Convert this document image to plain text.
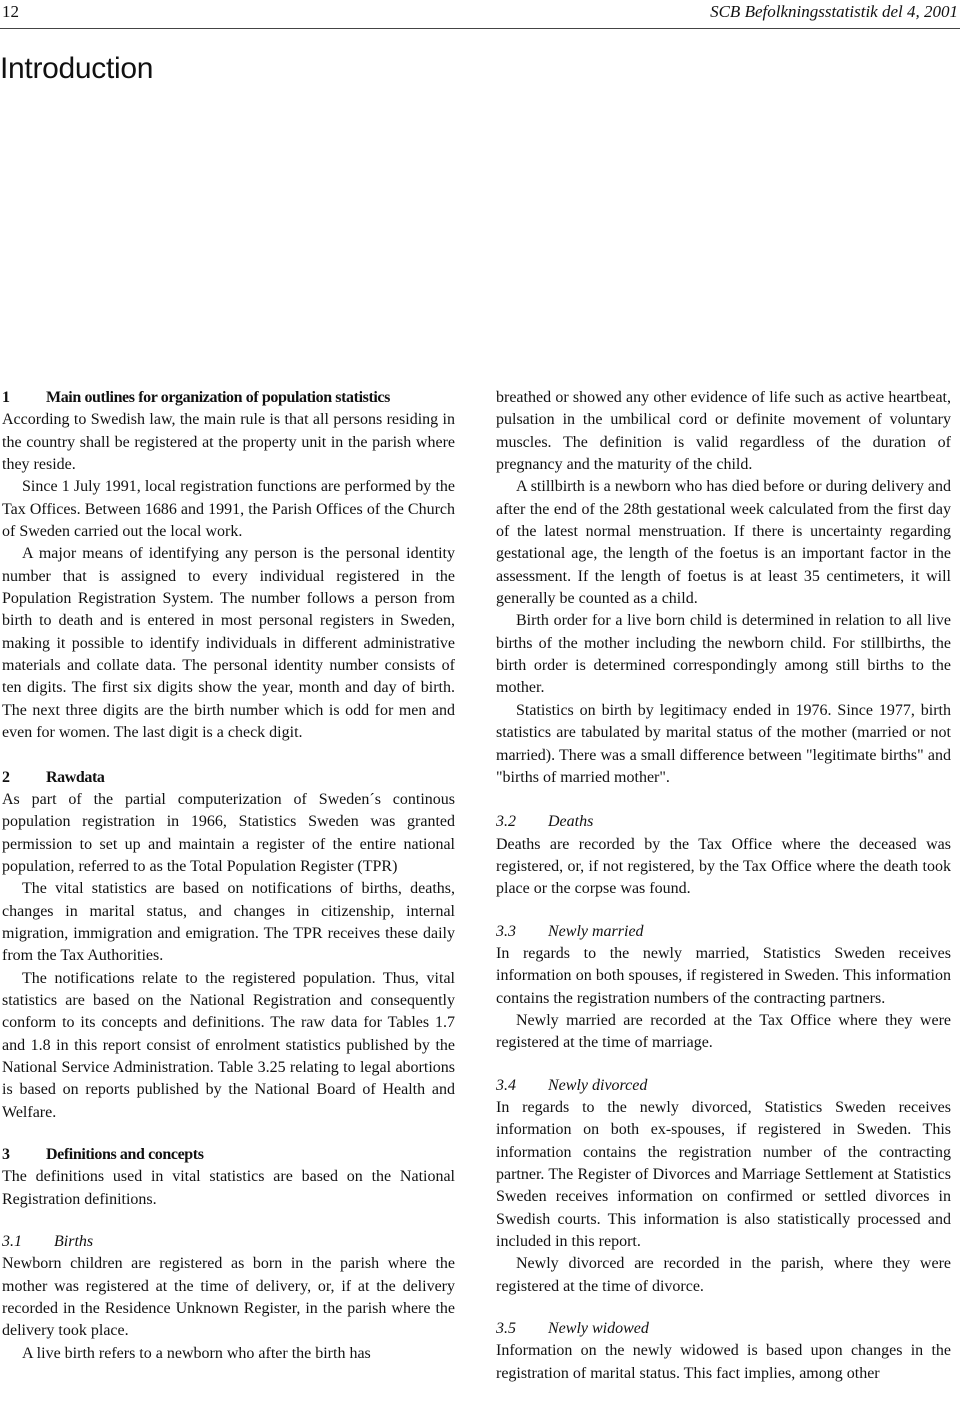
12	SCB Befolkningsstatistik del 4, 2001
Introduction

1 Main outlines for organization of population statistics

According to Swedish law, the main rule is that all persons residing in the country shall be registered at the property unit in the parish where they reside.

Since 1 July 1991, local registration functions are performed by the Tax Offices. Between 1686 and 1991, the Parish Offices of the Church of Sweden carried out the local work.

A major means of identifying any person is the personal identity number that is assigned to every individual registered in the Population Registration System. The number follows a person from birth to death and is entered in most personal registers in Sweden, making it possible to identify individuals in different administrative materials and collate data. The personal identity number consists of ten digits. The first six digits show the year, month and day of birth. The next three digits are the birth number which is odd for men and even for women. The last digit is a check digit.

2 Rawdata

As part of the partial computerization of Sweden´s continous population registration in 1966, Statistics Sweden was granted permission to set up and maintain a register of the entire national population, referred to as the Total Population Register (TPR)

The vital statistics are based on notifications of births, deaths, changes in marital status, and changes in citizenship, internal migration, immigration and emigration. The TPR receives these daily from the Tax Authorities.

The notifications relate to the registered population. Thus, vital statistics are based on the National Registration and consequently conform to its concepts and definitions. The raw data for Tables 1.7 and 1.8 in this report consist of enrolment statistics published by the National Service Administration. Table 3.25 relating to legal abortions is based on reports published by the National Board of Health and Welfare.

3 Definitions and concepts

The definitions used in vital statistics are based on the National Registration definitions.

3.1 Births

Newborn children are registered as born in the parish where the mother was registered at the time of delivery, or, if at the delivery recorded in the Residence Unknown Register, in the parish where the delivery took place.

A live birth refers to a newborn who after the birth has

breathed or showed any other evidence of life such as active heartbeat, pulsation in the umbilical cord or definite movement of voluntary muscles. The definition is valid regardless of the duration of pregnancy and the maturity of the child.

A stillbirth is a newborn who has died before or during delivery and after the end of the 28th gestational week calculated from the first day of the latest normal menstruation. If there is uncertainty regarding gestational age, the length of the foetus is an important factor in the assessment. If the length of foetus is at least 35 centimeters, it will generally be counted as a child.

Birth order for a live born child is determined in relation to all live births of the mother including the newborn child. For stillbirths, the birth order is determined correspondingly among still births to the mother.

Statistics on birth by legitimacy ended in 1976. Since 1977, birth statistics are tabulated by marital status of the mother (married or not married). There was a small difference between "legitimate births" and "births of married mother".

3.2 Deaths

Deaths are recorded by the Tax Office where the deceased was registered, or, if not registered, by the Tax Office where the death took place or the corpse was found.

3.3 Newly married

In regards to the newly married, Statistics Sweden receives information on both spouses, if registered in Sweden. This information contains the registration numbers of the contracting partners.

Newly married are recorded at the Tax Office where they were registered at the time of marriage.

3.4 Newly divorced

In regards to the newly divorced, Statistics Sweden receives information on both ex-spouses, if registered in Sweden. This information contains the registration number of the contracting partner. The Register of Divorces and Marriage Settlement at Statistics Sweden receives information on confirmed or settled divorces in Swedish courts. This information is also statistically processed and included in this report.

Newly divorced are recorded in the parish, where they were registered at the time of divorce.

3.5 Newly widowed

Information on the newly widowed is based upon changes in the registration of marital status. This fact implies, among other
